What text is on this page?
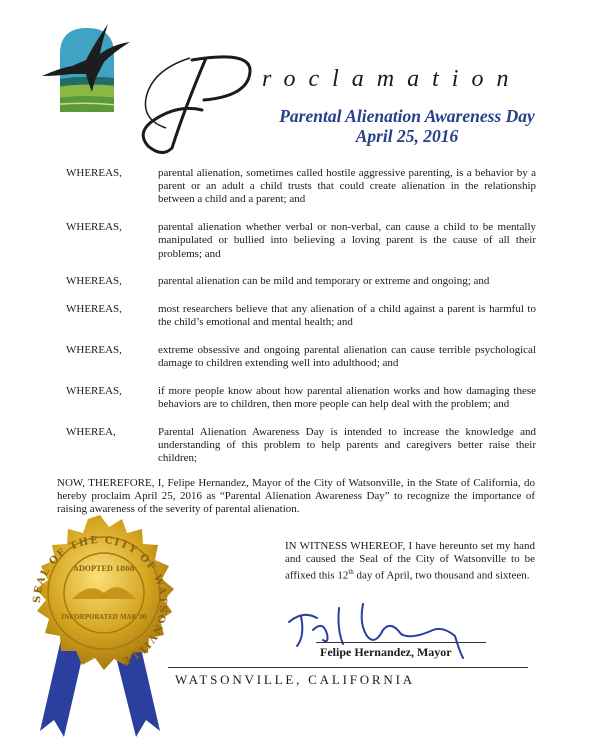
roclamation
Parental Alienation Awareness Day
April 25, 2016
WHEREAS,	parental alienation, sometimes called hostile aggressive parenting, is a behavior by a parent or an adult a child trusts that could create alienation in the relationship between a child and a parent; and
WHEREAS,	parental alienation whether verbal or non-verbal, can cause a child to be mentally manipulated or bullied into believing a loving parent is the cause of all their problems; and
WHEREAS,	parental alienation can be mild and temporary or extreme and ongoing; and
WHEREAS,	most researchers believe that any alienation of a child against a parent is harmful to the child’s emotional and mental health; and
WHEREAS,	extreme obsessive and ongoing parental alienation can cause terrible psychological damage to children extending well into adulthood; and
WHEREAS,	if more people know about how parental alienation works and how damaging these behaviors are to children, then more people can help deal with the problem; and
WHEREA,	Parental Alienation Awareness Day is intended to increase the knowledge and understanding of this problem to help parents and caregivers better raise their children;
NOW, THEREFORE, I, Felipe Hernandez, Mayor of the City of Watsonville, in the State of California, do hereby proclaim April 25, 2016 as “Parental Alienation Awareness Day” to recognize the importance of raising awareness of the severity of parental alienation.
IN WITNESS WHEREOF, I have hereunto set my hand and caused the Seal of the City of Watsonville to be affixed this 12th day of April, two thousand and sixteen.
Felipe Hernandez, Mayor
WATSONVILLE, CALIFORNIA
SEAL OF THE CITY OF WATSONVILLE
ADOPTED 1868
INCORPORATED MAR 30
